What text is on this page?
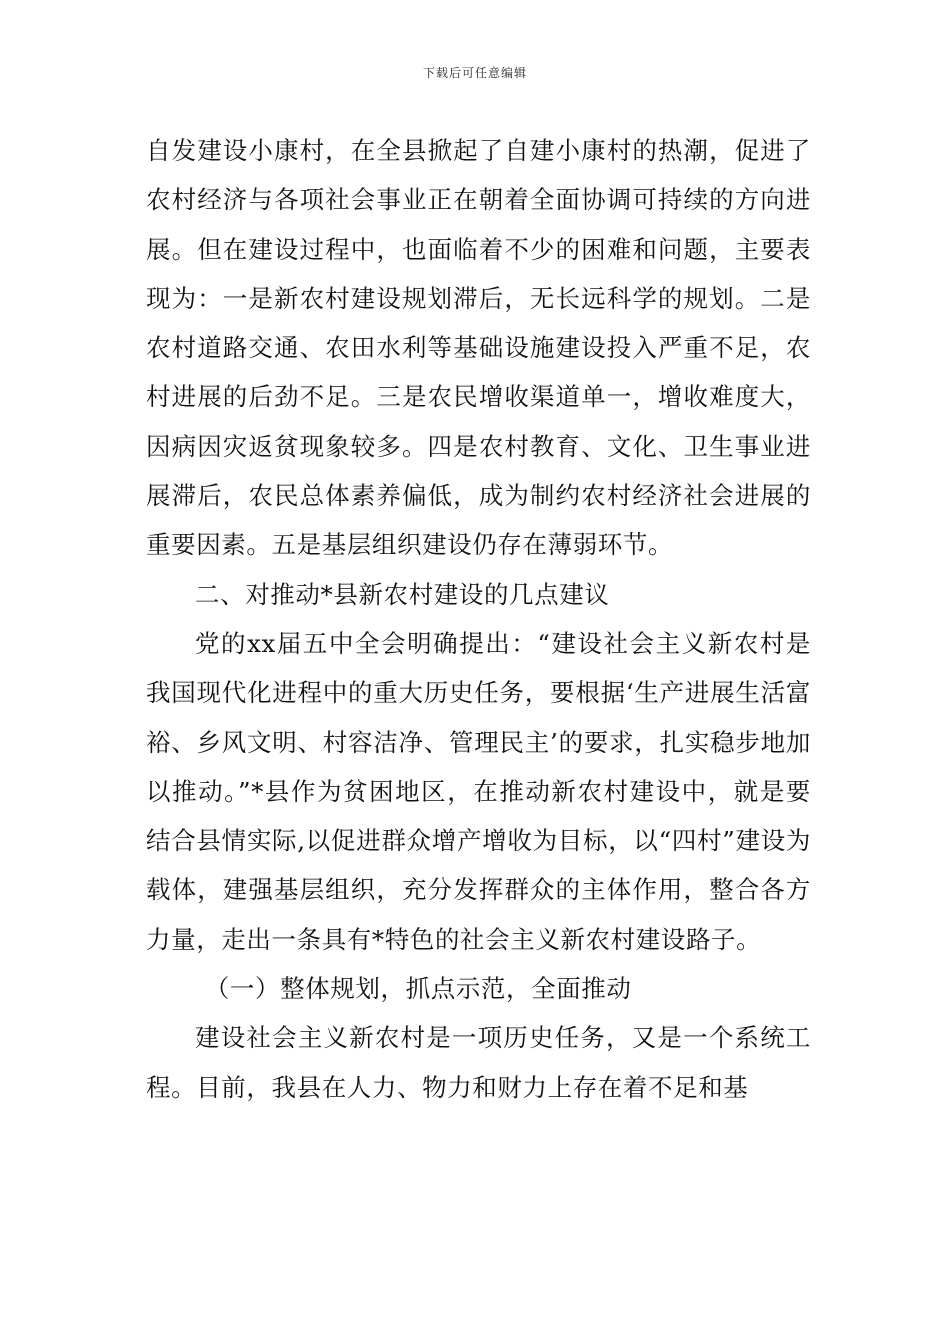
下载后可任意编辑

自发建设小康村，在全县掀起了自建小康村的热潮，促进了农村经济与各项社会事业正在朝着全面协调可持续的方向进展。但在建设过程中，也面临着不少的困难和问题，主要表现为：一是新农村建设规划滞后，无长远科学的规划。二是农村道路交通、农田水利等基础设施建设投入严重不足，农村进展的后劲不足。三是农民增收渠道单一，增收难度大，因病因灾返贫现象较多。四是农村教育、文化、卫生事业进展滞后，农民总体素养偏低，成为制约农村经济社会进展的重要因素。五是基层组织建设仍存在薄弱环节。

二、对推动*县新农村建设的几点建议

党的xx届五中全会明确提出：“建设社会主义新农村是我国现代化进程中的重大历史任务，要根据‘生产进展生活富裕、乡风文明、村容洁净、管理民主’的要求，扎实稳步地加以推动。”*县作为贫困地区，在推动新农村建设中，就是要结合县情实际,以促进群众增产增收为目标，以“四村”建设为载体，建强基层组织，充分发挥群众的主体作用，整合各方力量，走出一条具有*特色的社会主义新农村建设路子。

（一）整体规划，抓点示范，全面推动

建设社会主义新农村是一项历史任务，又是一个系统工程。目前，我县在人力、物力和财力上存在着不足和基
